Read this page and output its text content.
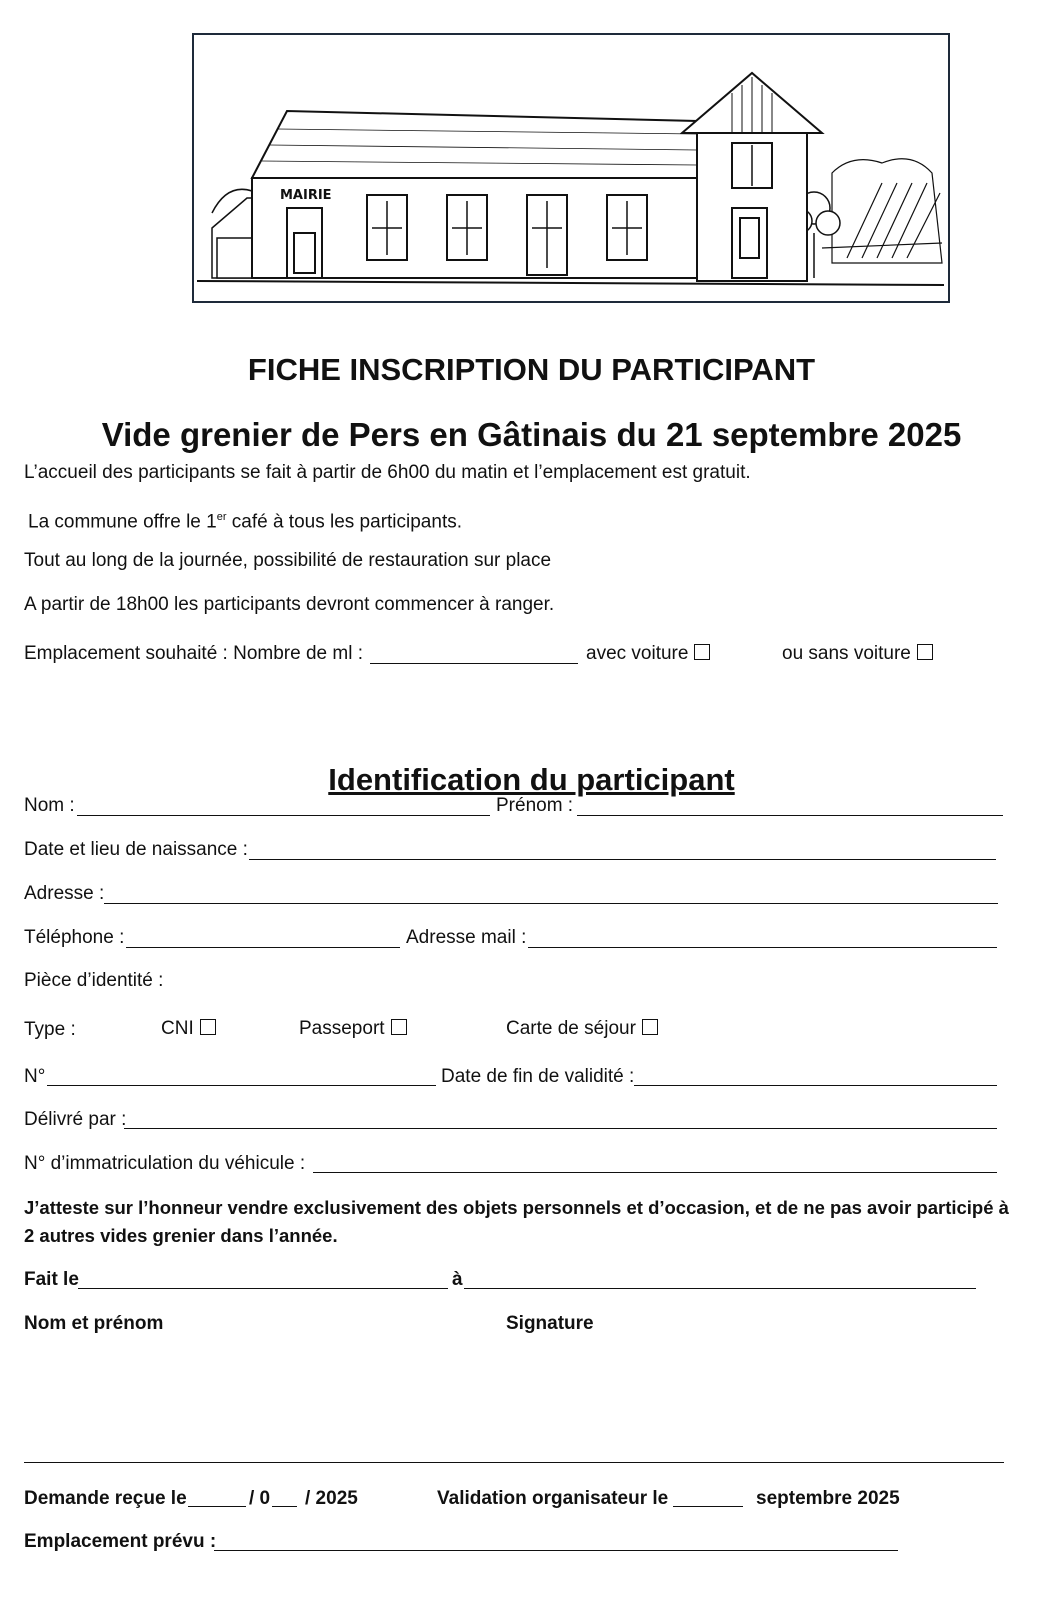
MAIRIE
FICHE INSCRIPTION DU PARTICIPANT
Vide grenier de Pers en Gâtinais du 21 septembre 2025
L’accueil des participants se fait à partir de 6h00 du matin et l’emplacement est gratuit.
La commune offre le 1er café à tous les participants.
Tout au long de la journée, possibilité de restauration sur place
A partir de 18h00 les participants devront commencer à ranger.
Emplacement souhaité : Nombre de ml :	avec voiture	ou sans voiture
Identification du participant
Nom :	Prénom :
Date et lieu de naissance :
Adresse :
Téléphone :	Adresse mail :
Pièce d’identité :
Type :	CNI	Passeport	Carte de séjour
N°	Date de fin de validité :
Délivré par :
N° d’immatriculation du véhicule :
J’atteste sur l’honneur vendre exclusivement des objets personnels et d’occasion, et de ne pas avoir participé à
2 autres vides grenier dans l’année.
Fait le	à
Nom et prénom	Signature
Demande reçue le	/ 0 / 2025	Validation organisateur le	septembre 2025
Emplacement prévu :
